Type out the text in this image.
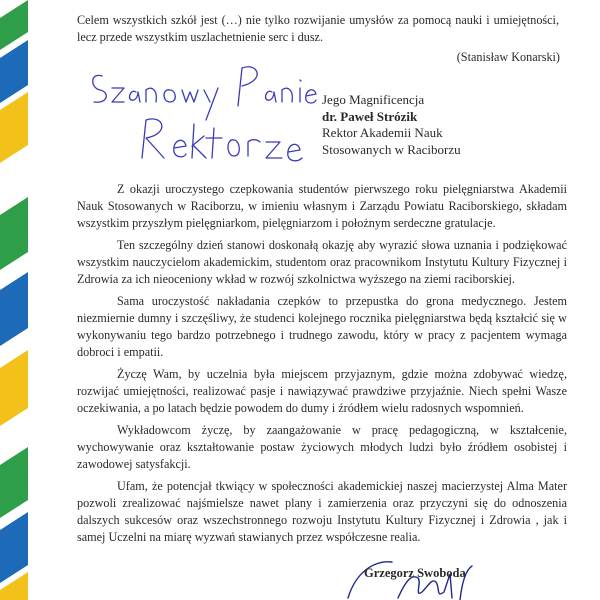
Celem wszystkich szkół jest (…) nie tylko rozwijanie umysłów za pomocą nauki i umiejętności, lecz przede wszystkim uszlachetnienie serc i dusz.
(Stanisław Konarski)
Jego Magnificencja
dr. Paweł Strózik
Rektor Akademii Nauk
Stosowanych w Raciborzu

Z okazji uroczystego czepkowania studentów pierwszego roku pielęgniarstwa Akademii Nauk Stosowanych w Raciborzu, w imieniu własnym i Zarządu Powiatu Raciborskiego, składam wszystkim przyszłym pielęgniarkom, pielęgniarzom i położnym serdeczne gratulacje.

Ten szczególny dzień stanowi doskonałą okazję aby wyrazić słowa uznania i podziękować wszystkim nauczycielom akademickim, studentom oraz pracownikom Instytutu Kultury Fizycznej i Zdrowia za ich nieoceniony wkład w rozwój szkolnictwa wyższego na ziemi raciborskiej.

Sama uroczystość nakładania czepków to przepustka do grona medycznego. Jestem niezmiernie dumny i szczęśliwy, że studenci kolejnego rocznika pielęgniarstwa będą kształcić się w wykonywaniu tego bardzo potrzebnego i trudnego zawodu, który w pracy z pacjentem wymaga dobroci i empatii.

Życzę Wam, by uczelnia była miejscem przyjaznym, gdzie można zdobywać wiedzę, rozwijać umiejętności, realizować pasje i nawiązywać prawdziwe przyjaźnie. Niech spełni Wasze oczekiwania, a po latach będzie powodem do dumy i źródłem wielu radosnych wspomnień.

Wykładowcom życzę, by zaangażowanie w pracę pedagogiczną, w kształcenie, wychowywanie oraz kształtowanie postaw życiowych młodych ludzi było źródłem osobistej i zawodowej satysfakcji.

Ufam, że potencjał tkwiący w społeczności akademickiej naszej macierzystej Alma Mater pozwoli zrealizować najśmielsze nawet plany i zamierzenia oraz przyczyni się do odnoszenia dalszych sukcesów oraz wszechstronnego rozwoju Instytutu Kultury Fizycznej i Zdrowia , jak i samej Uczelni na miarę wyzwań stawianych przez współczesne realia.

Grzegorz Swoboda
